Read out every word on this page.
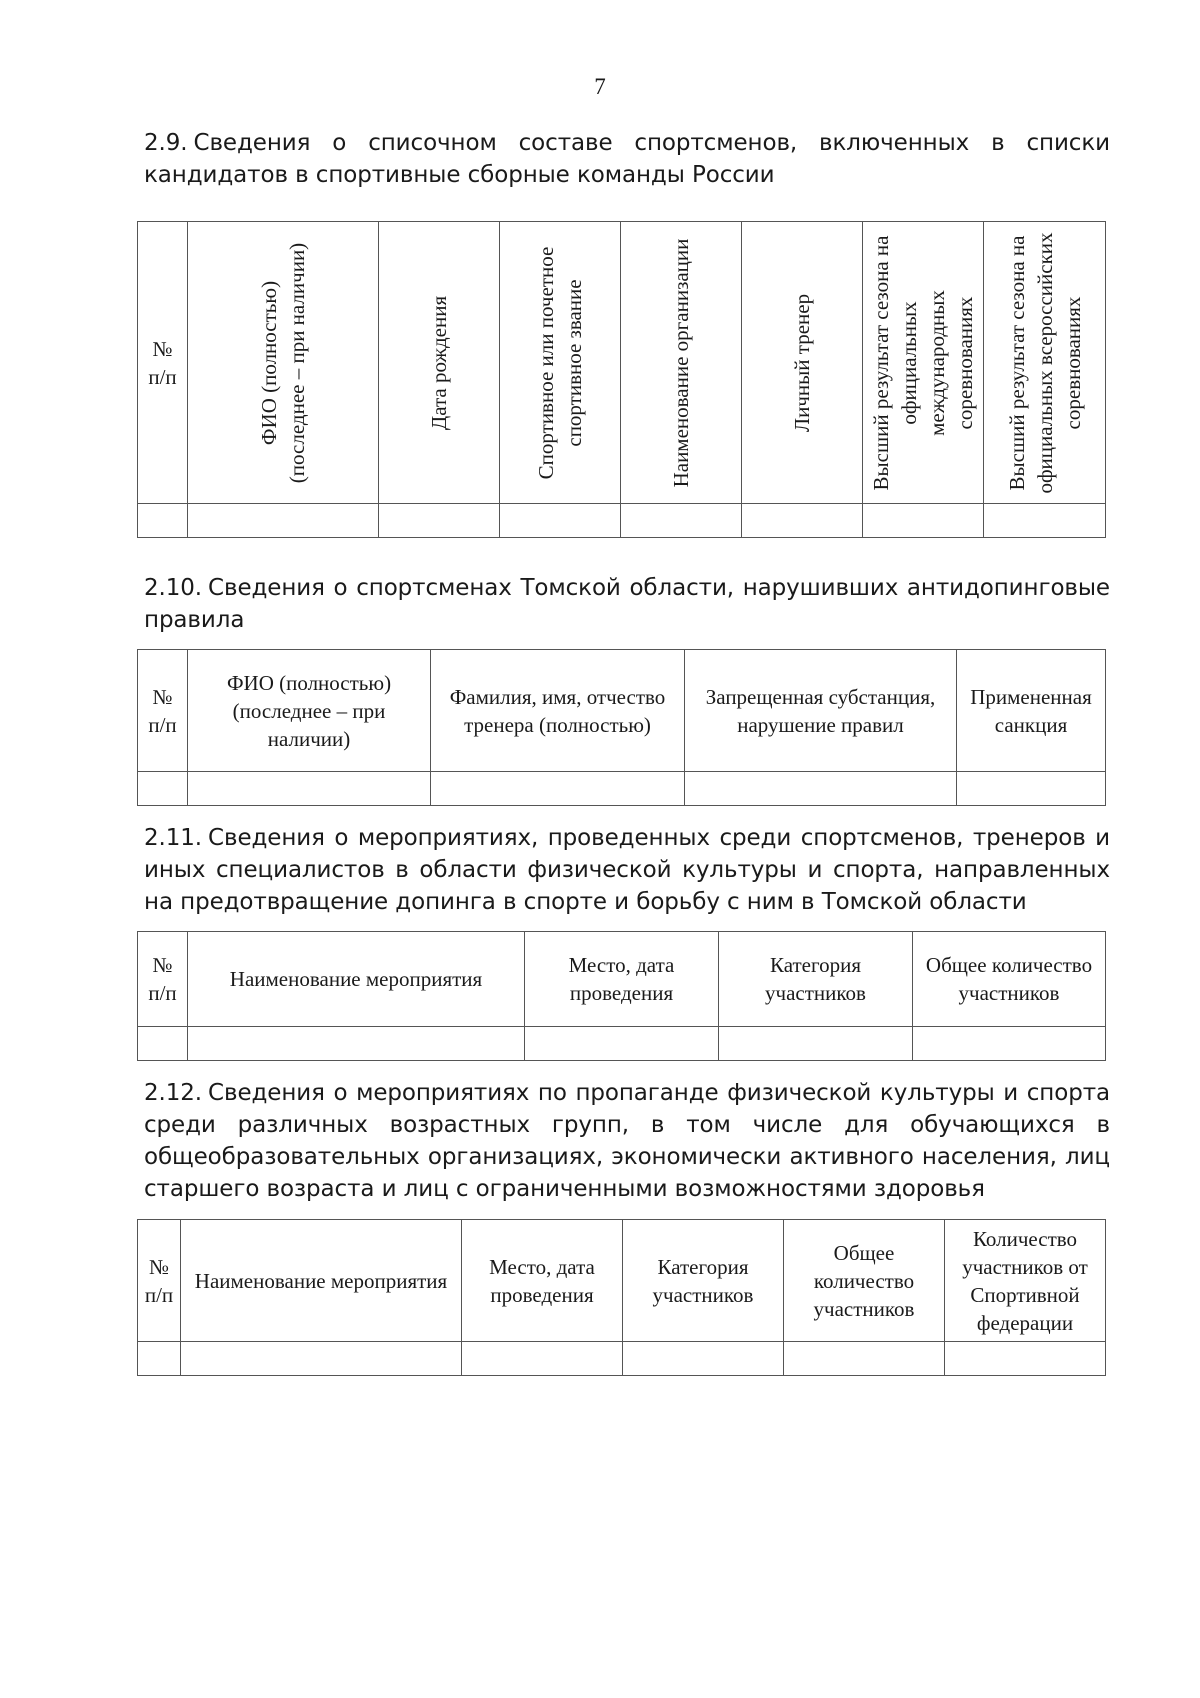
7
2.9. Сведения о списочном составе спортсменов, включенных в списки кандидатов в спортивные сборные команды России
№ п/п	ФИО (полностью) (последнее – при наличии)	Дата рождения	Спортивное или почетное спортивное звание	Наименование организации	Личный тренер	Высший результат сезона на официальных международных соревнованиях	Высший результат сезона на официальных всероссийских соревнованиях

2.10. Сведения о спортсменах Томской области, нарушивших антидопинговые правила
№ п/п	ФИО (полностью) (последнее – при наличии)	Фамилия, имя, отчество тренера (полностью)	Запрещенная субстанция, нарушение правил	Примененная санкция

2.11. Сведения о мероприятиях, проведенных среди спортсменов, тренеров и иных специалистов в области физической культуры и спорта, направленных на предотвращение допинга в спорте и борьбу с ним в Томской области
№ п/п	Наименование мероприятия	Место, дата проведения	Категория участников	Общее количество участников

2.12. Сведения о мероприятиях по пропаганде физической культуры и спорта среди различных возрастных групп, в том числе для обучающихся в общеобразовательных организациях, экономически активного населения, лиц старшего возраста и лиц с ограниченными возможностями здоровья
№ п/п	Наименование мероприятия	Место, дата проведения	Категория участников	Общее количество участников	Количество участников от Спортивной федерации
